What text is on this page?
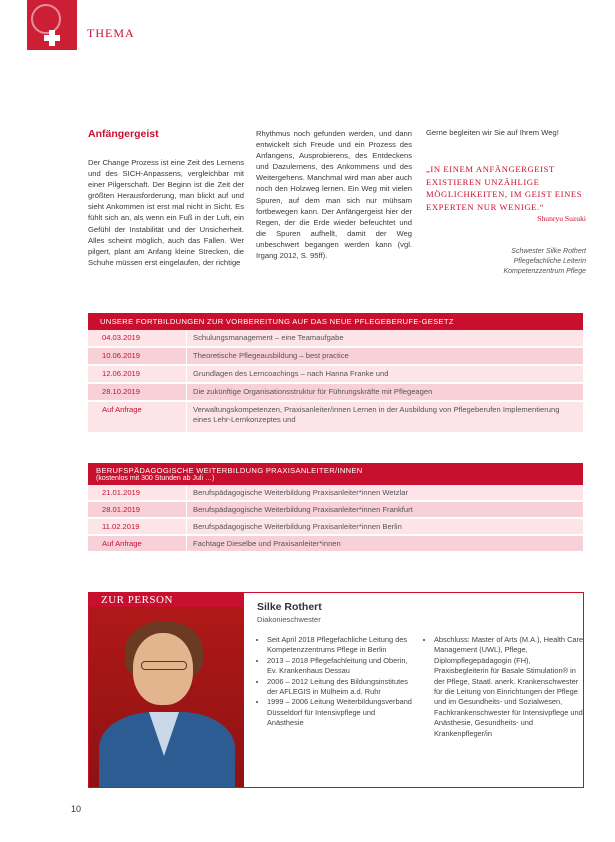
THEMA
Anfängergeist
Der Change Prozess ist eine Zeit des Lernens und des SICH-Anpassens, vergleichbar mit einer Pilgerschaft. Der Beginn ist die Zeit der größten Herausforderung, man blickt auf und sieht Ankommen ist erst mal nicht in Sicht. Es fühlt sich an, als wenn ein Fuß in der Luft, ein Gefühl der Instabilität und der Unsicherheit. Alles scheint möglich, auch das Fallen. Wer pilgert, plant am Anfang kleine Strecken, die Schuhe müssen erst eingelaufen, der richtige
Rhythmus noch gefunden werden, und dann entwickelt sich Freude und ein Prozess des Anfangens, Ausprobierens, des Entdeckens und Dazulernens, des Ankommens und des Weitergehens. Manchmal wird man aber auch noch den Holzweg lernen. Ein Weg mit vielen Spuren, auf dem man sich nur mühsam fortbewegen kann. Der Anfängergeist hier der Regen, der die Erde wieder befeuchtet und die Spuren aufhellt, damit der Weg unbeschwert begangen werden kann (vgl. Irgang 2012, S. 95ff).
Gerne begleiten wir Sie auf Ihrem Weg!
„IN EINEM ANFÄNGERGEIST EXISTIEREN UNZÄHLIGE MÖGLICHKEITEN, IM GEIST EINES EXPERTEN NUR WENIGE.“
Shunryu Suzuki
Schwester Silke Rothert
Pflegefachliche Leiterin
Kompetenzzentrum Pflege
UNSERE FORTBILDUNGEN ZUR VORBEREITUNG AUF DAS NEUE PFLEGEBERUFE-GESETZ
04.03.2019	Schulungsmanagement – eine Teamaufgabe
10.06.2019	Theoretische Pflegeausbildung – best practice
12.06.2019	Grundlagen des Lerncoachings – nach Hanna Franke und
28.10.2019	Die zukünftige Organisationsstruktur für Führungskräfte mit Pflegeagen
Auf Anfrage	Verwaltungskompetenzen, Praxisanleiter/innen Lernen in der Ausbildung von Pflegeberufen Implementierung eines Lehr-Lernkonzeptes und
BERUFSPÄDAGOGISCHE WEITERBILDUNG PRAXISANLEITER/INNEN
(kostenlos mit 300 Stunden ab Juli …)
21.01.2019	Berufspädagogische Weiterbildung Praxisanleiter*innen Wetzlar
28.01.2019	Berufspädagogische Weiterbildung Praxisanleiter*innen Frankfurt
11.02.2019	Berufspädagogische Weiterbildung Praxisanleiter*innen Berlin
Auf Anfrage	Fachtage Dieselbe und Praxisanleiter*innen
ZUR PERSON
Silke Rothert
Diakonieschwester
• Seit April 2018 Pflegefachliche Leitung des Kompetenzzentrums Pflege in Berlin
• 2013 – 2018 Pflegefachleitung und Oberin, Ev. Krankenhaus Dessau
• 2006 – 2012 Leitung des Bildungsinstitutes der AFLEGIS in Mülheim a.d. Ruhr
• 1999 – 2006 Leitung Weiterbildungsverband Düsseldorf für Intensivpflege und Anästhesie
• Abschluss: Master of Arts (M.A.), Health Care Management (UWL), Pflege, Diplompflegepädagogin (FH), Praxisbegleiterin für Basale Stimulation® in der Pflege, Staatl. anerk. Krankenschwester für die Leitung von Einrichtungen der Pflege und im Gesundheits- und Sozialwesen, Fachkrankenschwester für Intensivpflege und Anästhesie, Gesundheits- und Krankenpfleger/in
10
